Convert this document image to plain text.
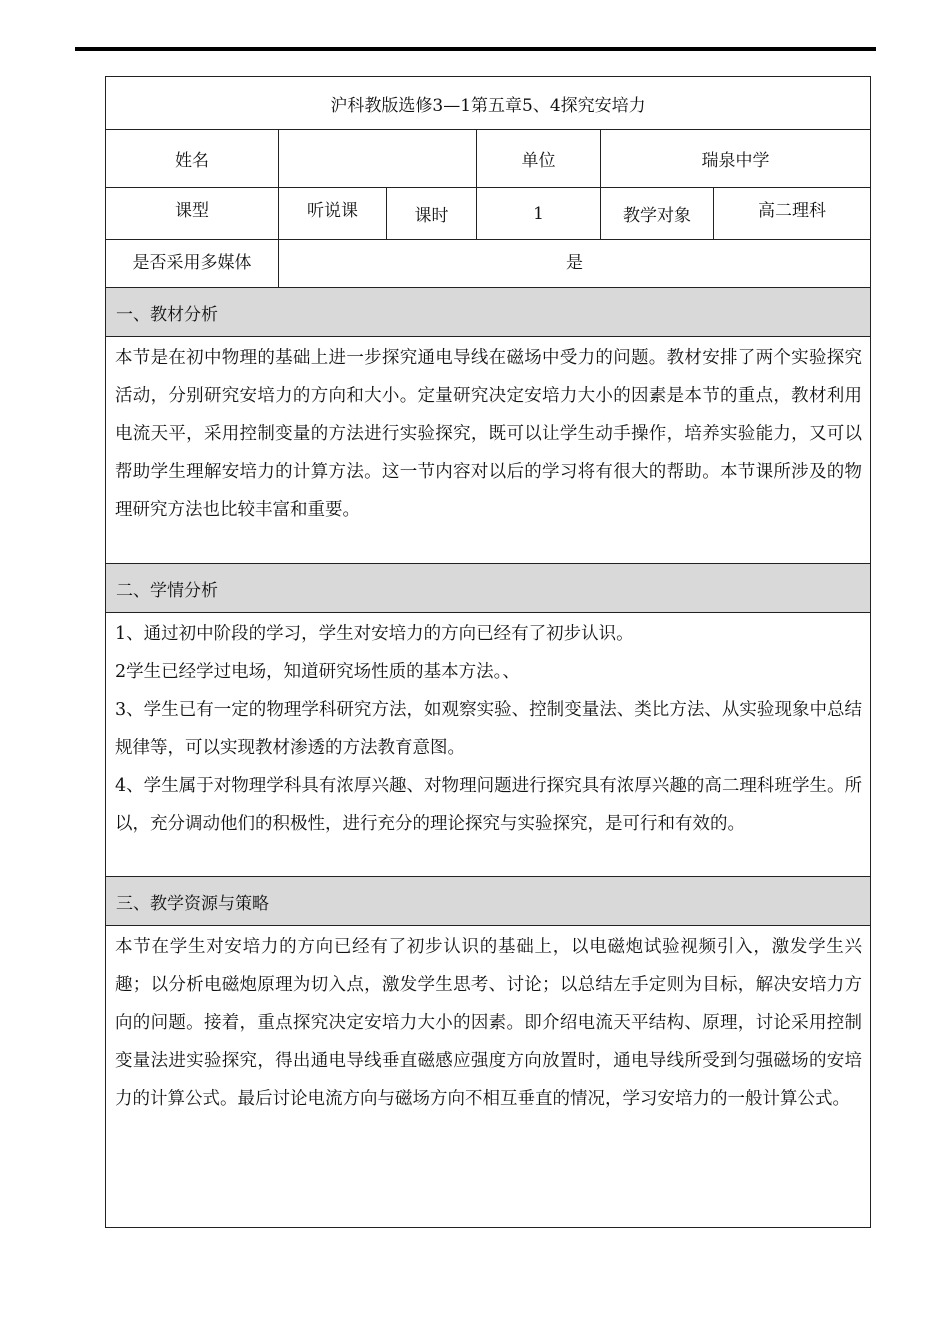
沪科教版选修3—1第五章5、4探究安培力					
姓名			单位	瑞泉中学	
课型	听说课	课时	1	教学对象	高二理科
是否采用多媒体	是				
一、教材分析					

本节是在初中物理的基础上进一步探究通电导线在磁场中受力的问题。教材安排了两个实验探究活动，分别研究安培力的方向和大小。定量研究决定安培力大小的因素是本节的重点，教材利用电流天平，采用控制变量的方法进行实验探究，既可以让学生动手操作，培养实验能力，又可以帮助学生理解安培力的计算方法。这一节内容对以后的学习将有很大的帮助。本节课所涉及的物理研究方法也比较丰富和重要。					

二、学情分析					

1、通过初中阶段的学习，学生对安培力的方向已经有了初步认识。

2学生已经学过电场，知道研究场性质的基本方法。、

3、学生已有一定的物理学科研究方法，如观察实验、控制变量法、类比方法、从实验现象中总结规律等，可以实现教材渗透的方法教育意图。

4、学生属于对物理学科具有浓厚兴趣、对物理问题进行探究具有浓厚兴趣的高二理科班学生。所以，充分调动他们的积极性，进行充分的理论探究与实验探究，是可行和有效的。					

三、教学资源与策略					

本节在学生对安培力的方向已经有了初步认识的基础上，以电磁炮试验视频引入，激发学生兴趣；以分析电磁炮原理为切入点，激发学生思考、讨论；以总结左手定则为目标，解决安培力方向的问题。接着，重点探究决定安培力大小的因素。即介绍电流天平结构、原理，讨论采用控制变量法进实验探究，得出通电导线垂直磁感应强度方向放置时，通电导线所受到匀强磁场的安培力的计算公式。最后讨论电流方向与磁场方向不相互垂直的情况，学习安培力的一般计算公式。					
